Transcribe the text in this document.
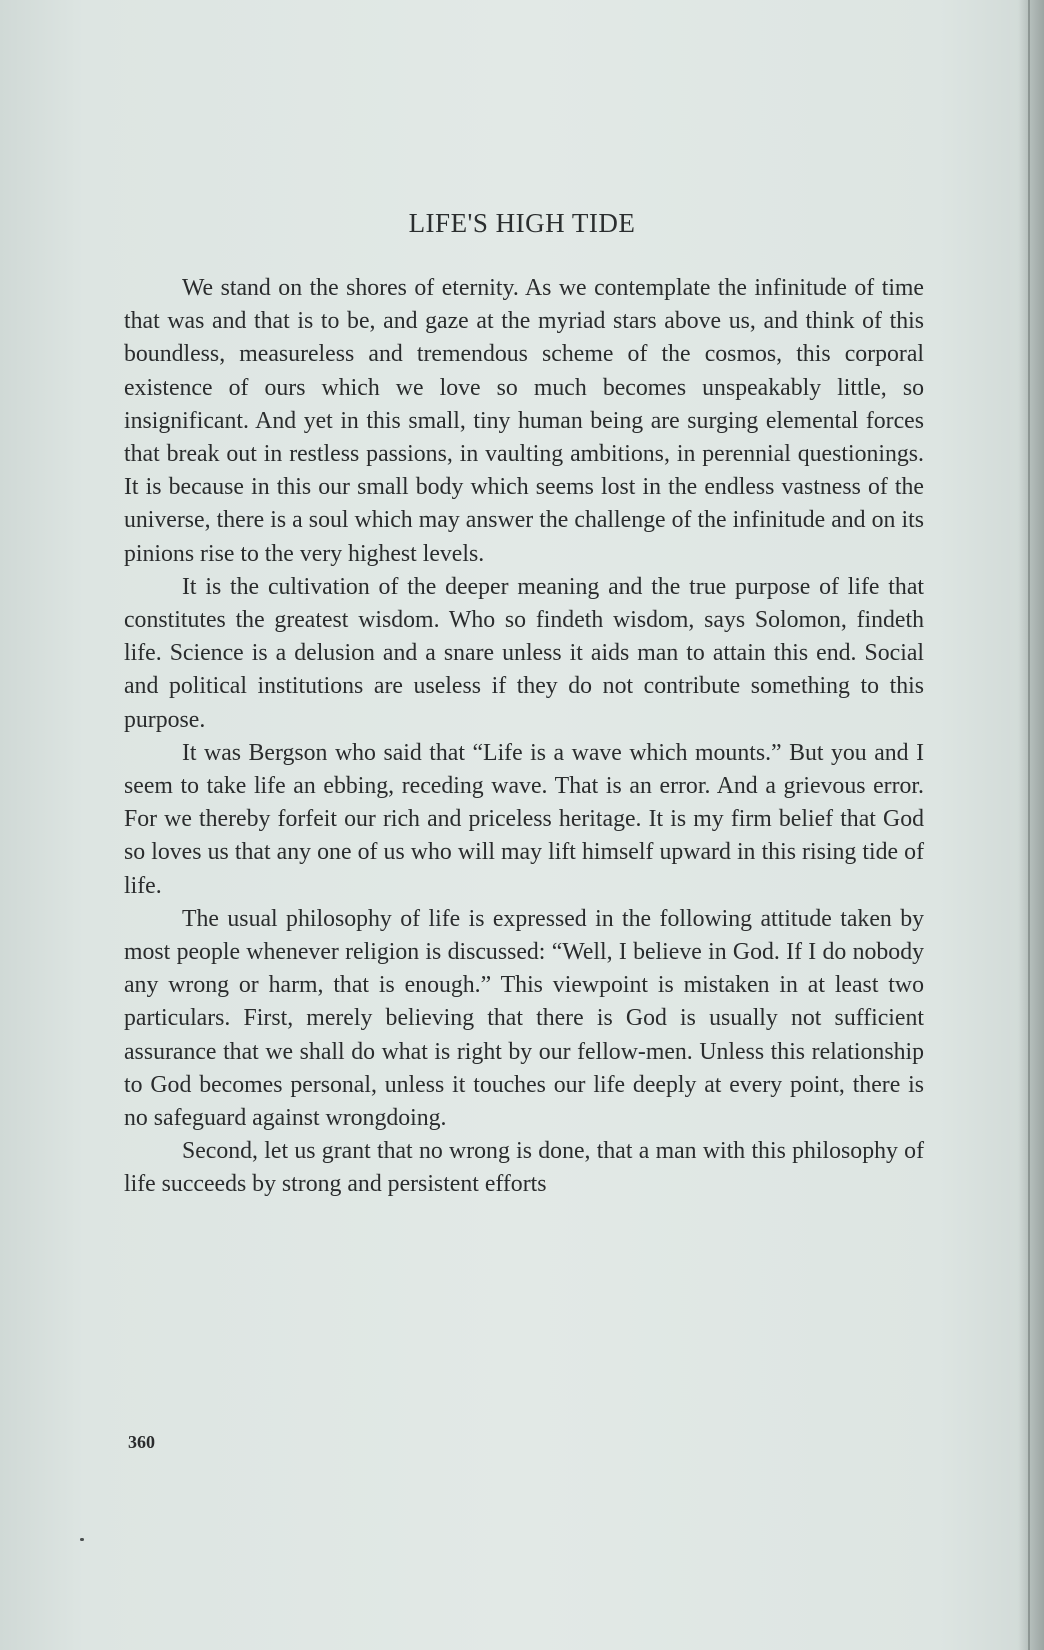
LIFE'S HIGH TIDE

We stand on the shores of eternity. As we contemplate the infinitude of time that was and that is to be, and gaze at the myriad stars above us, and think of this boundless, measureless and tremendous scheme of the cosmos, this corporal existence of ours which we love so much becomes unspeakably little, so insignificant. And yet in this small, tiny human being are surging elemental forces that break out in restless passions, in vaulting ambitions, in perennial questionings. It is because in this our small body which seems lost in the endless vastness of the universe, there is a soul which may answer the challenge of the infinitude and on its pinions rise to the very highest levels.

It is the cultivation of the deeper meaning and the true purpose of life that constitutes the greatest wisdom. Who so findeth wisdom, says Solomon, findeth life. Science is a delusion and a snare unless it aids man to attain this end. Social and political institutions are useless if they do not contribute something to this purpose.

It was Bergson who said that “Life is a wave which mounts.” But you and I seem to take life an ebbing, receding wave. That is an error. And a grievous error. For we thereby forfeit our rich and priceless heritage. It is my firm belief that God so loves us that any one of us who will may lift himself upward in this rising tide of life.

The usual philosophy of life is expressed in the following attitude taken by most people whenever religion is discussed: “Well, I believe in God. If I do nobody any wrong or harm, that is enough.” This viewpoint is mistaken in at least two particulars. First, merely believing that there is God is usually not sufficient assurance that we shall do what is right by our fellow-men. Unless this relationship to God becomes personal, unless it touches our life deeply at every point, there is no safeguard against wrongdoing.

Second, let us grant that no wrong is done, that a man with this philosophy of life succeeds by strong and persistent efforts

360
